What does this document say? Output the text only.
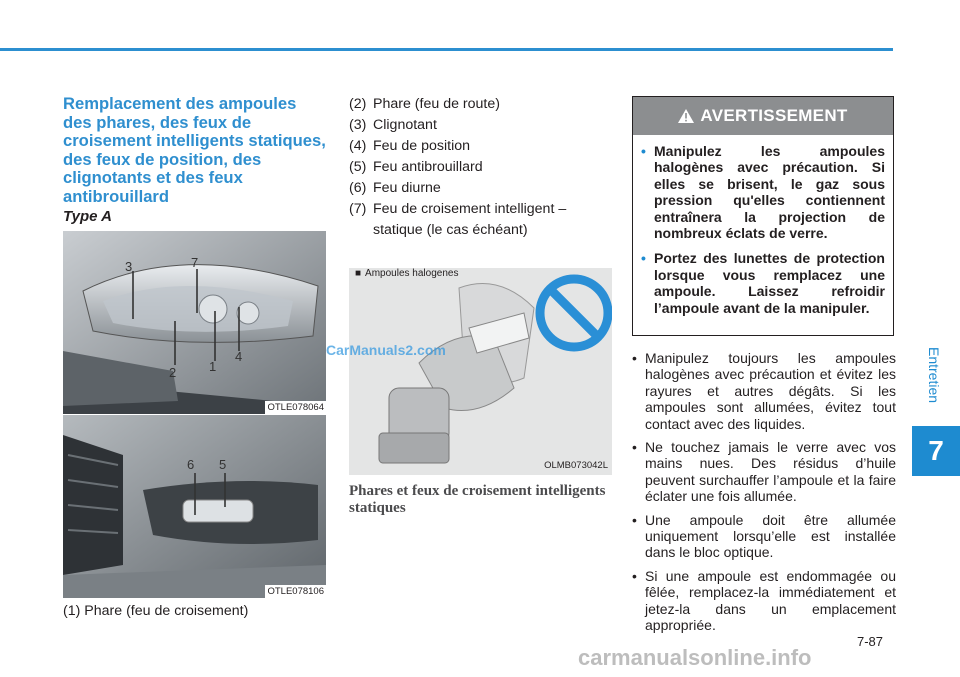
Entretien
7
Remplacement des ampoules des phares, des feux de croisement intelligents statiques, des feux de position, des clignotants et des feux antibrouillard
Type A
3	7
2	1
4
OTLE078064
6 5
OTLE078106
(1) Phare (feu de croisement)
(2) Phare (feu de route)
(3) Clignotant
(4) Feu de position
(5) Feu antibrouillard
(6) Feu diurne
(7) Feu de croisement intelligent – statique (le cas échéant)
■ Ampoules halogenes
OLMB073042L

Phares et feux de croisement intelligents statiques

AVERTISSEMENT

• Manipulez les ampoules halogènes avec précaution. Si elles se brisent, le gaz sous pression qu'elles contiennent entraînera la projection de nombreux éclats de verre.

• Portez des lunettes de protection lorsque vous remplacez une ampoule. Laissez refroidir l’ampoule avant de la manipuler.

• Manipulez toujours les ampoules halogènes avec précaution et évitez les rayures et autres dégâts. Si les ampoules sont allumées, évitez tout contact avec des liquides.
• Ne touchez jamais le verre avec vos mains nues. Des résidus d’huile peuvent surchauffer l’ampoule et la faire éclater une fois allumée.
• Une ampoule doit être allumée uniquement lorsqu’elle est installée dans le bloc optique.
• Si une ampoule est endommagée ou fêlée, remplacez-la immédiatement et jetez-la dans un emplacement appropriée.
7-87
CarManuals2.com
carmanualsonline.info
